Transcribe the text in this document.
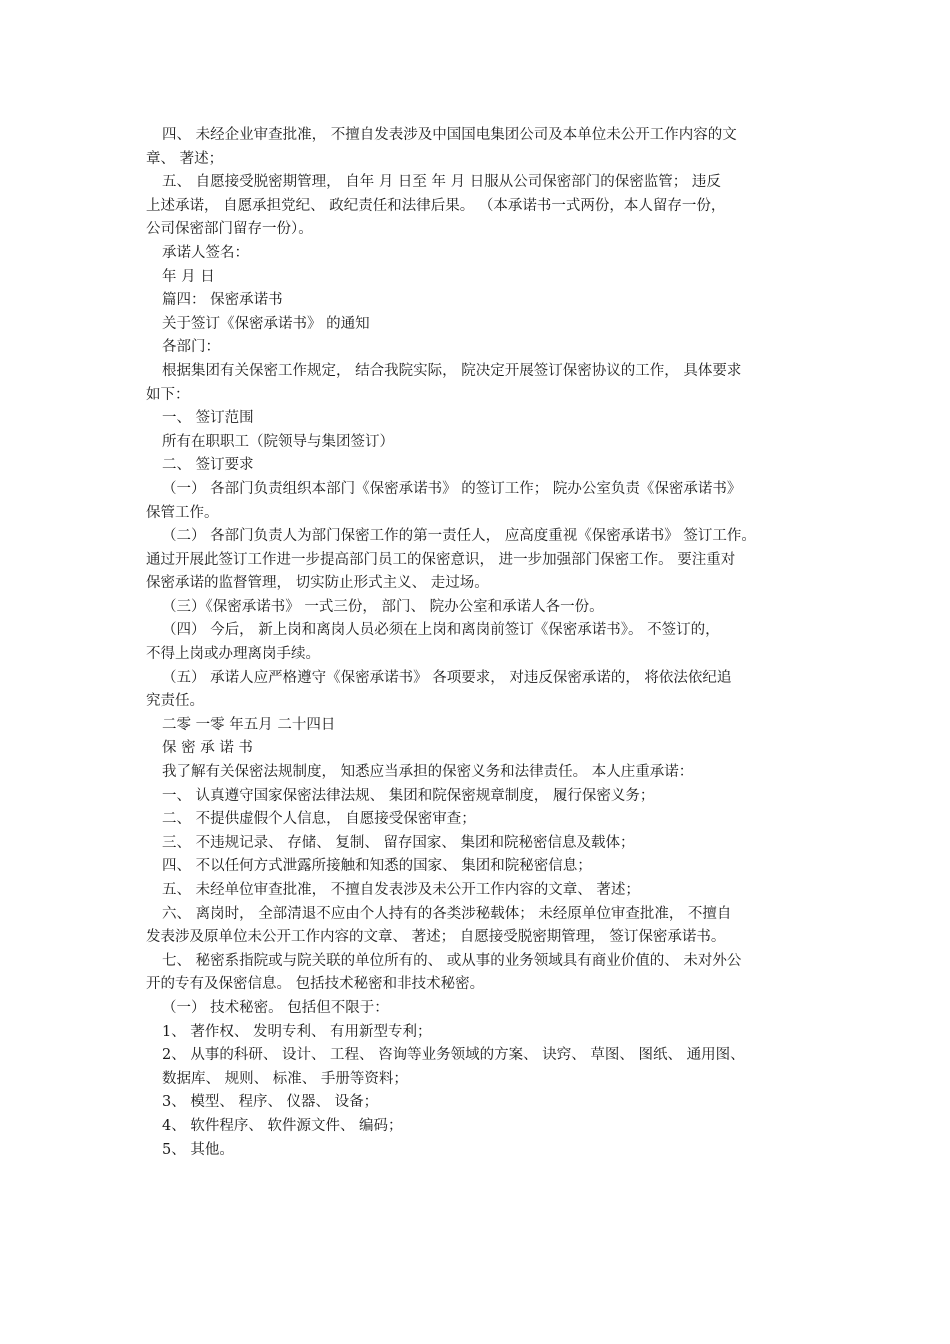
四、 未经企业审查批准， 不擅自发表涉及中国国电集团公司及本单位未公开工作内容的文

章、 著述；

五、 自愿接受脱密期管理， 自年 月 日至 年 月 日服从公司保密部门的保密监管； 违反

上述承诺， 自愿承担党纪、 政纪责任和法律后果。 （本承诺书一式两份，本人留存一份，

公司保密部门留存一份）。

承诺人签名：

年 月 日

篇四： 保密承诺书

关于签订《保密承诺书》 的通知

各部门：

根据集团有关保密工作规定， 结合我院实际， 院决定开展签订保密协议的工作， 具体要求

如下：

一、 签订范围

所有在职职工（院领导与集团签订）

二、 签订要求

（一） 各部门负责组织本部门《保密承诺书》 的签订工作； 院办公室负责《保密承诺书》

保管工作。

（二） 各部门负责人为部门保密工作的第一责任人， 应高度重视《保密承诺书》 签订工作。

通过开展此签订工作进一步提高部门员工的保密意识， 进一步加强部门保密工作。 要注重对

保密承诺的监督管理， 切实防止形式主义、 走过场。

（三）《保密承诺书》 一式三份， 部门、 院办公室和承诺人各一份。

（四） 今后， 新上岗和离岗人员必须在上岗和离岗前签订《保密承诺书》。 不签订的，

不得上岗或办理离岗手续。

（五） 承诺人应严格遵守《保密承诺书》 各项要求， 对违反保密承诺的， 将依法依纪追

究责任。

二零 一零 年五月 二十四日

保 密 承 诺 书

我了解有关保密法规制度， 知悉应当承担的保密义务和法律责任。 本人庄重承诺：

一、 认真遵守国家保密法律法规、 集团和院保密规章制度， 履行保密义务；

二、 不提供虚假个人信息， 自愿接受保密审查；

三、 不违规记录、 存储、 复制、 留存国家、 集团和院秘密信息及载体；

四、 不以任何方式泄露所接触和知悉的国家、 集团和院秘密信息；

五、 未经单位审查批准， 不擅自发表涉及未公开工作内容的文章、 著述；

六、 离岗时， 全部清退不应由个人持有的各类涉秘载体； 未经原单位审查批准， 不擅自

发表涉及原单位未公开工作内容的文章、 著述； 自愿接受脱密期管理， 签订保密承诺书。

七、 秘密系指院或与院关联的单位所有的、 或从事的业务领域具有商业价值的、 未对外公

开的专有及保密信息。 包括技术秘密和非技术秘密。

（一） 技术秘密。 包括但不限于：

1、 著作权、 发明专利、 有用新型专利；

2、 从事的科研、 设计、 工程、 咨询等业务领域的方案、 诀窍、 草图、 图纸、 通用图、

数据库、 规则、 标准、 手册等资料；

3、 模型、 程序、 仪器、 设备；

4、 软件程序、 软件源文件、 编码；

5、 其他。
